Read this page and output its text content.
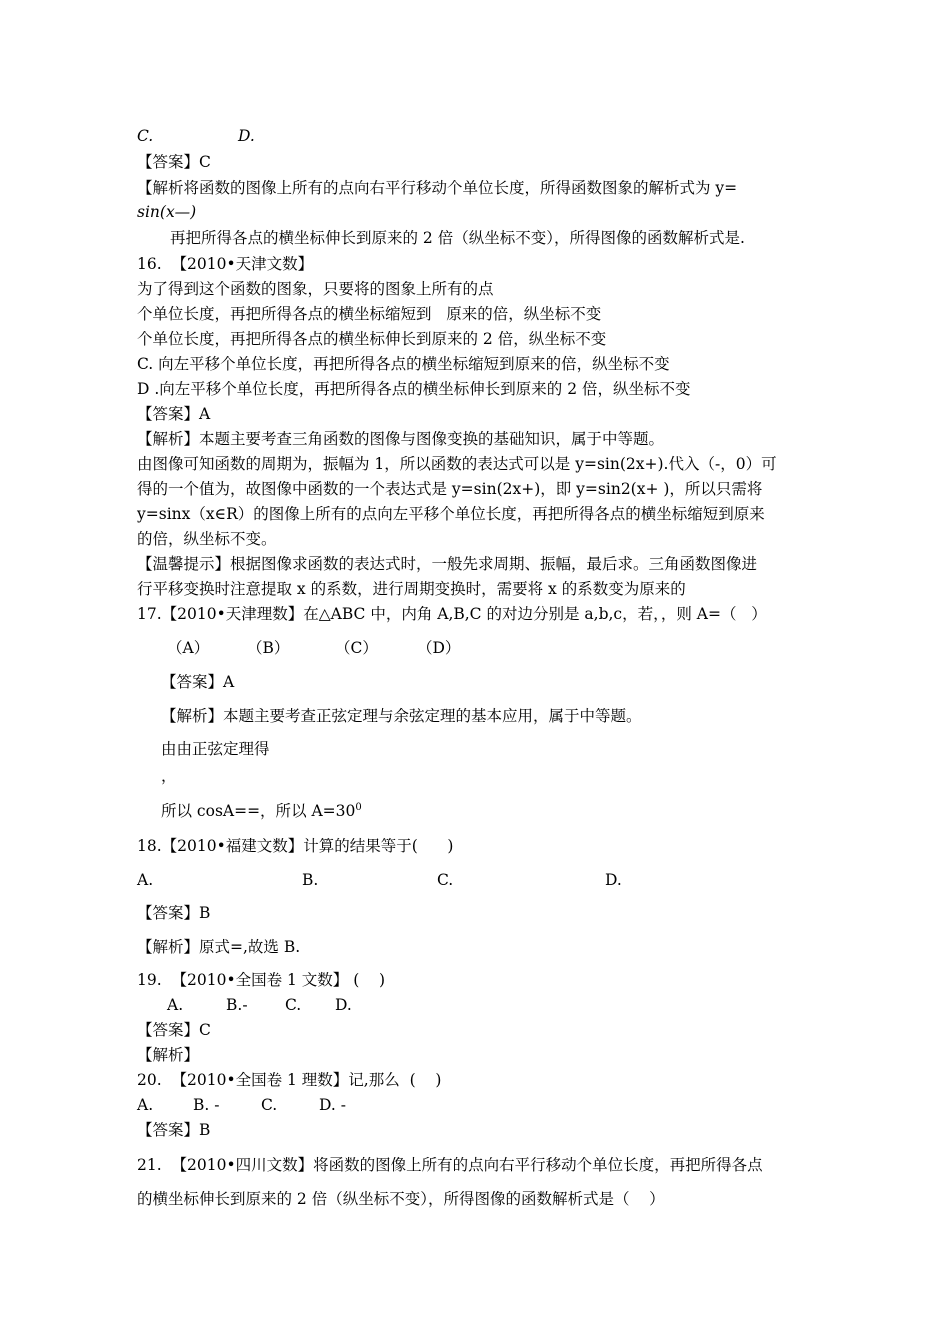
C.

	D.

【答案】C
【解析将函数的图像上所有的点向右平行移动个单位长度，所得函数图象的解析式为 y=
sin(x—)
再把所得各点的横坐标伸长到原来的 2 倍（纵坐标不变），所得图像的函数解析式是.
16.  【2010•天津文数】
为了得到这个函数的图象，只要将的图象上所有的点
个单位长度，再把所得各点的横坐标缩短到   原来的倍，纵坐标不变
个单位长度，再把所得各点的横坐标伸长到原来的 2 倍，纵坐标不变
C. 向左平移个单位长度，再把所得各点的横坐标缩短到原来的倍，纵坐标不变
D .向左平移个单位长度，再把所得各点的横坐标伸长到原来的 2 倍，纵坐标不变
【答案】A
【解析】本题主要考查三角函数的图像与图像变换的基础知识，属于中等题。
由图像可知函数的周期为，振幅为 1，所以函数的表达式可以是 y=sin(2x+).代入（-，0）可
得的一个值为，故图像中函数的一个表达式是 y=sin(2x+)，即 y=sin2(x+ )，所以只需将
y=sinx（x∈R）的图像上所有的点向左平移个单位长度，再把所得各点的横坐标缩短到原来
的倍，纵坐标不变。
【温馨提示】根据图像求函数的表达式时，一般先求周期、振幅，最后求。三角函数图像进
行平移变换时注意提取 x 的系数，进行周期变换时，需要将 x 的系数变为原来的
17.【2010•天津理数】在△ABC 中，内角 A,B,C 的对边分别是 a,b,c，若，，则 A=（   ）

（A）

（B）

	（C）

	（D）

【答案】A
【解析】本题主要考查正弦定理与余弦定理的基本应用，属于中等题。
由由正弦定理得
，
所以 cosA==，所以 $A=30^0$
18.【2010•福建文数】计算的结果等于(      )

A.

	B.

	C.

	D.

【答案】B
【解析】原式=,故选 B.
19.  【2010•全国卷 1 文数】 (    )

A.

	B.-

C.

D.

【答案】C
【解析】
20.  【2010•全国卷 1 理数】记,那么  (    )

A.

	B. -

	C.

	D. -

【答案】B
21.  【2010•四川文数】将函数的图像上所有的点向右平行移动个单位长度，再把所得各点
的横坐标伸长到原来的 2 倍（纵坐标不变），所得图像的函数解析式是（    ）
